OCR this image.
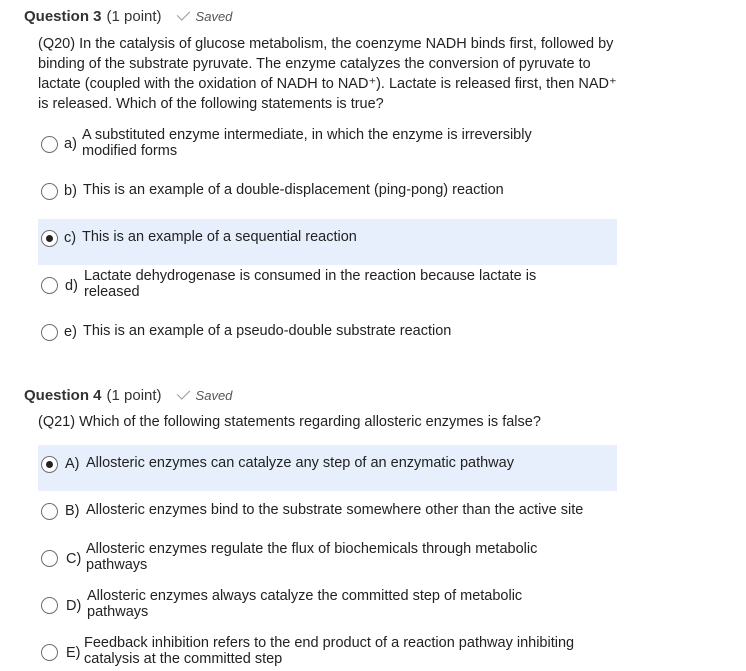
Question 3 (1 point)	Saved
(Q20) In the catalysis of glucose metabolism, the coenzyme NADH binds first, followed by binding of the substrate pyruvate. The enzyme catalyzes the conversion of pyruvate to lactate (coupled with the oxidation of NADH to NAD⁺). Lactate is released first, then NAD⁺ is released. Which of the following statements is true?
a)
A substituted enzyme intermediate, in which the enzyme is irreversibly modified forms
b) This is an example of a double-displacement (ping-pong) reaction
c) This is an example of a sequential reaction
d)
Lactate dehydrogenase is consumed in the reaction because lactate is released
e) This is an example of a pseudo-double substrate reaction
Question 4 (1 point)	Saved
(Q21) Which of the following statements regarding allosteric enzymes is false?
A) Allosteric enzymes can catalyze any step of an enzymatic pathway
B) Allosteric enzymes bind to the substrate somewhere other than the active site
C)
Allosteric enzymes regulate the flux of biochemicals through metabolic pathways
D)
Allosteric enzymes always catalyze the committed step of metabolic pathways
E)
Feedback inhibition refers to the end product of a reaction pathway inhibiting catalysis at the committed step
